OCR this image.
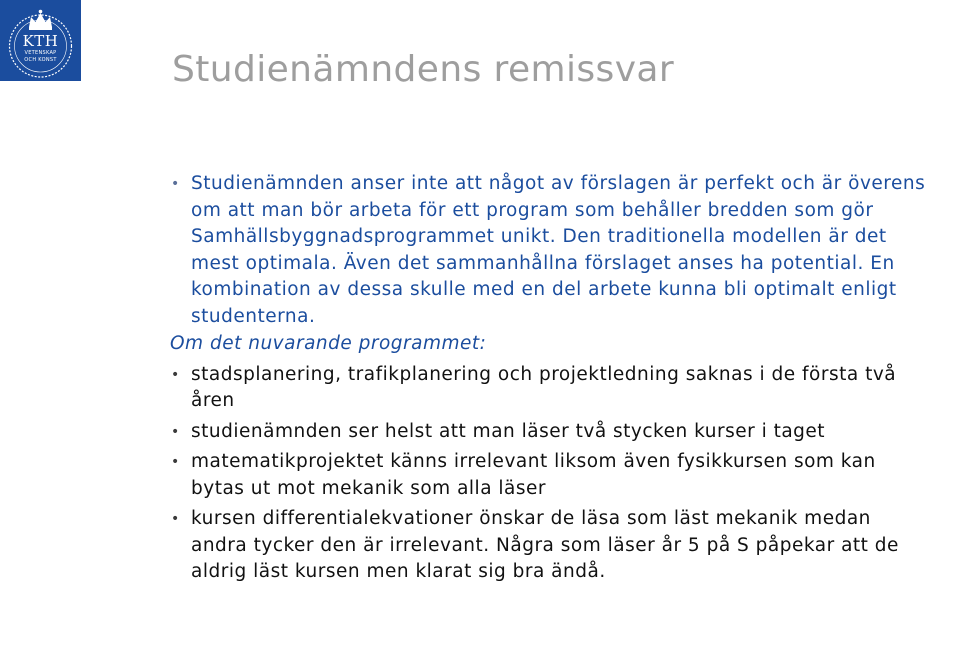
KTH
VETENSKAP
OCH KONST	Studienämndens remissvar
• Studienämnden anser inte att något av förslagen är perfekt och är överens om att man bör arbeta för ett program som behåller bredden som gör Samhällsbyggnadsprogrammet unikt. Den traditionella modellen är det mest optimala. Även det sammanhållna förslaget anses ha potential. En kombination av dessa skulle med en del arbete kunna bli optimalt enligt studenterna.
Om det nuvarande programmet:
• stadsplanering, trafikplanering och projektledning saknas i de första två åren
• studienämnden ser helst att man läser två stycken kurser i taget
• matematikprojektet känns irrelevant liksom även fysikkursen som kan bytas ut mot mekanik som alla läser
• kursen differentialekvationer önskar de läsa som läst mekanik medan andra tycker den är irrelevant. Några som läser år 5 på S påpekar att de aldrig läst kursen men klarat sig bra ändå.
